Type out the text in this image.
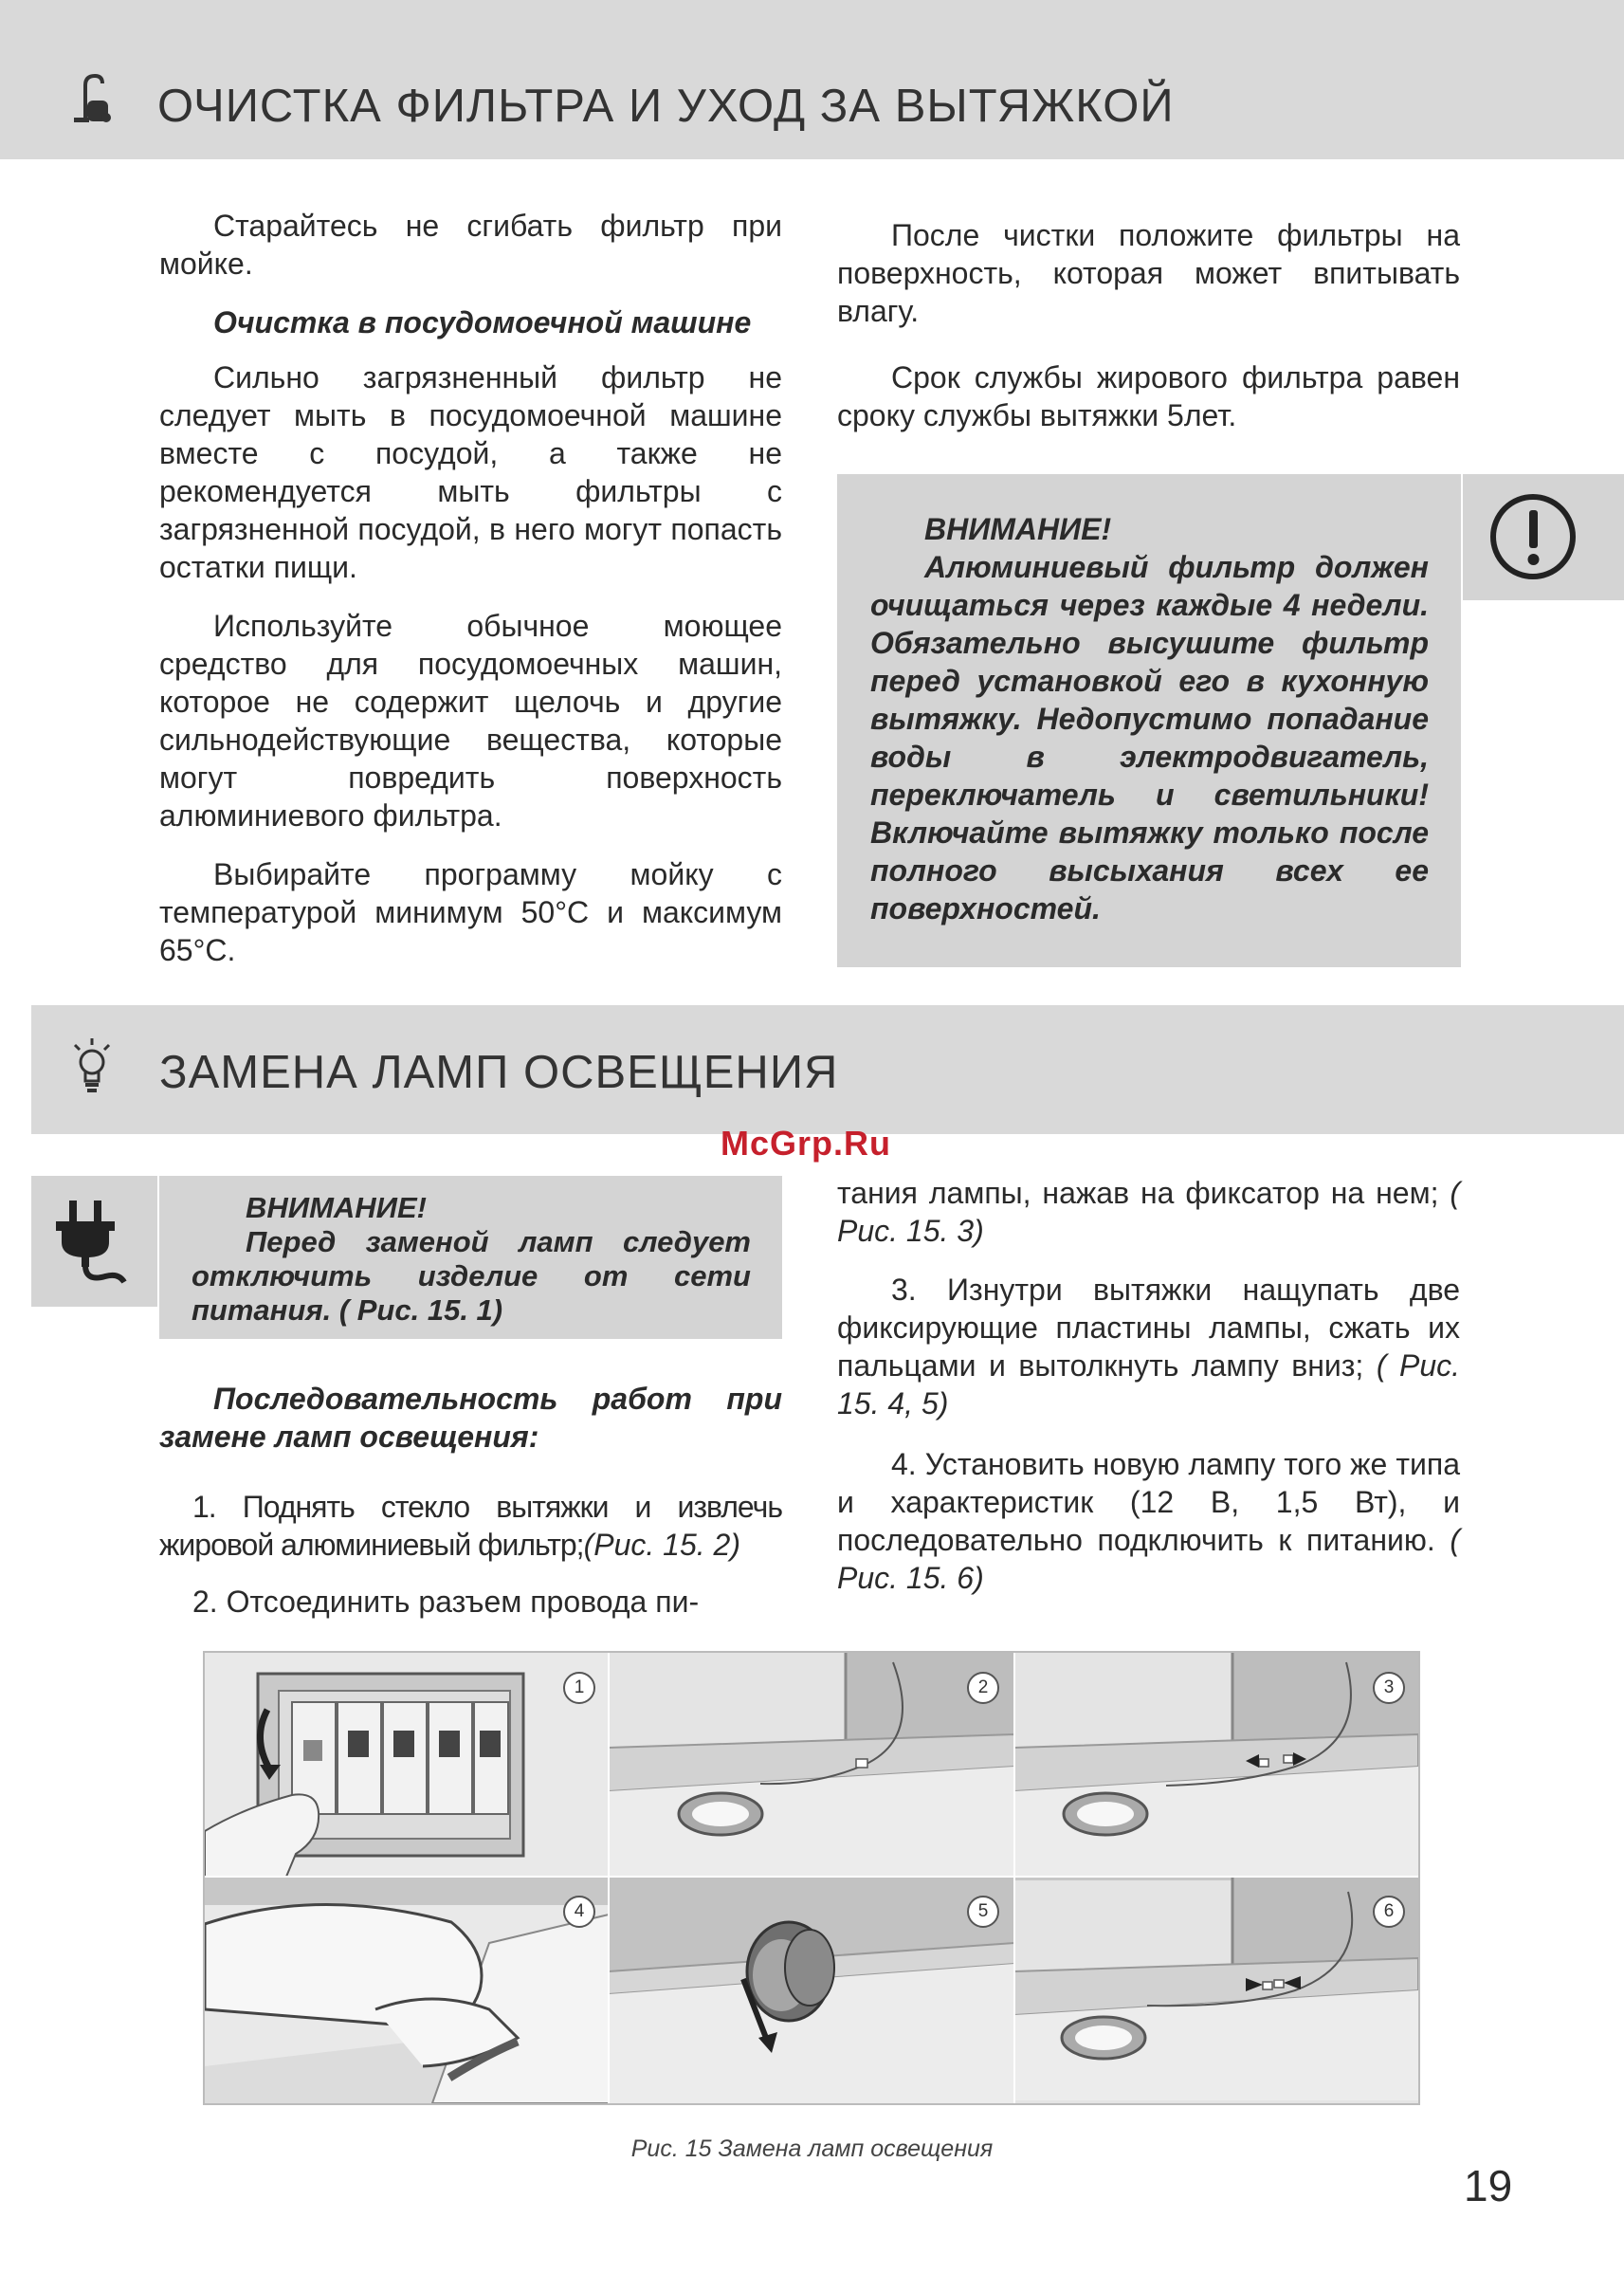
ОЧИСТКА ФИЛЬТРА И УХОД ЗА ВЫТЯЖКОЙ

Старайтесь не сгибать фильтр при мойке.

Очистка в посудомоечной машине

Сильно загрязненный фильтр не следует мыть в посудомоечной машине вместе с посудой, а также не рекомендуется мыть фильтры с загрязненной посудой, в него могут попасть остатки пищи.

Используйте обычное моющее средство для посудомоечных машин, которое не содержит щелочь и другие сильнодействующие вещества, которые могут повредить поверхность алюминиевого фильтра.

Выбирайте программу мойку с температурой минимум 50°С и максимум 65°С.

После чистки положите фильтры на поверхность, которая может впитывать влагу.

Срок службы жирового фильтра равен сроку службы вытяжки 5лет.

ВНИМАНИЕ!

Алюминиевый фильтр должен очищаться через каждые 4 недели. Обязательно высушите фильтр перед установкой его в кухонную вытяжку. Недопустимо попадание воды в электродвигатель, переключатель и светильники! Включайте вытяжку только после полного высыхания всех ее поверхностей.

ЗАМЕНА ЛАМП ОСВЕЩЕНИЯ
McGrp.Ru

ВНИМАНИЕ!

Перед заменой ламп следует отключить изделие от сети питания. ( Рис. 15. 1)

Последовательность работ при замене ламп освещения:

1. Поднять стекло вытяжки и извлечь жировой алюминиевый фильтр;(Рис. 15. 2)

2. Отсоединить разъем провода пи-

тания лампы, нажав на фиксатор на нем; ( Рис. 15. 3)

3. Изнутри вытяжки нащупать две фиксирующие пластины лампы, сжать их пальцами и вытолкнуть лампу вниз; ( Рис. 15. 4, 5)

4. Установить новую лампу того же типа и характеристик (12 В, 1,5 Вт), и последовательно подключить к питанию. ( Рис. 15. 6)

1	2	3
4	5	6
Рис. 15 Замена ламп освещения
19
